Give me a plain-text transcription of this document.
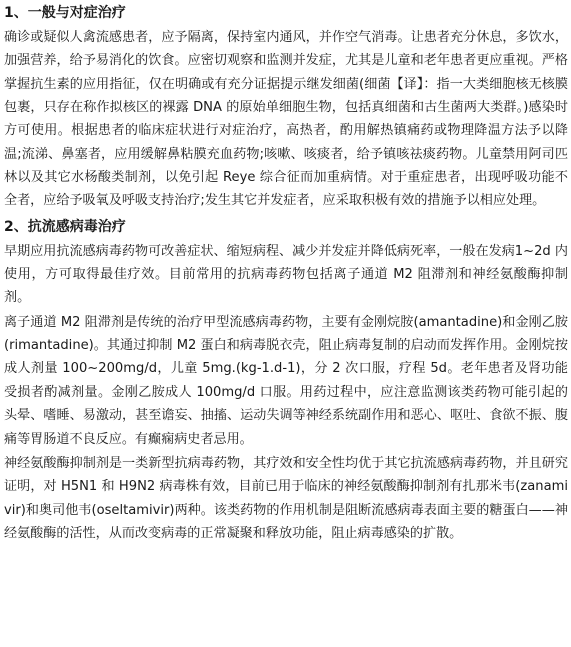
1、一般与对症治疗
确诊或疑似人禽流感患者，应予隔离，保持室内通风，并作空气消毒。让患者充分休息，多饮水，加强营养，给予易消化的饮食。应密切观察和监测并发症，尤其是儿童和老年患者更应重视。严格掌握抗生素的应用指征，仅在明确或有充分证据提示继发细菌(细菌【译】：指一大类细胞核无核膜包裹，只存在称作拟核区的裸露 DNA 的原始单细胞生物，包括真细菌和古生菌两大类群。)感染时方可使用。根据患者的临床症状进行对症治疗，高热者，酌用解热镇痛药或物理降温方法予以降温;流涕、鼻塞者，应用缓解鼻粘膜充血药物;咳嗽、咳痰者，给予镇咳祛痰药物。儿童禁用阿司匹林以及其它水杨酸类制剂，以免引起 Reye 综合征而加重病情。对于重症患者，出现呼吸功能不全者，应给予吸氧及呼吸支持治疗;发生其它并发症者，应采取积极有效的措施予以相应处理。
2、抗流感病毒治疗
早期应用抗流感病毒药物可改善症状、缩短病程、减少并发症并降低病死率，一般在发病1~2d 内使用，方可取得最佳疗效。目前常用的抗病毒药物包括离子通道 M2 阻滞剂和神经氨酸酶抑制剂。
离子通道 M2 阻滞剂是传统的治疗甲型流感病毒药物，主要有金刚烷胺(amantadine)和金刚乙胺(rimantadine)。其通过抑制 M2 蛋白和病毒脱衣壳，阻止病毒复制的启动而发挥作用。金刚烷按成人剂量 100~200mg/d，儿童 5mg.(kg-1.d-1)，分 2 次口服，疗程 5d。老年患者及肾功能受损者酌减剂量。金刚乙胺成人 100mg/d 口服。用药过程中，应注意监测该类药物可能引起的头晕、嗜睡、易激动，甚至谵妄、抽搐、运动失调等神经系统副作用和恶心、呕吐、食欲不振、腹痛等胃肠道不良反应。有癫痫病史者忌用。
神经氨酸酶抑制剂是一类新型抗病毒药物，其疗效和安全性均优于其它抗流感病毒药物，并且研究证明，对 H5N1 和 H9N2 病毒株有效，目前已用于临床的神经氨酸酶抑制剂有扎那米韦(zanamivir)和奥司他韦(oseltamivir)两种。该类药物的作用机制是阻断流感病毒表面主要的糖蛋白——神经氨酸酶的活性，从而改变病毒的正常凝聚和释放功能，阻止病毒感染的扩散。
